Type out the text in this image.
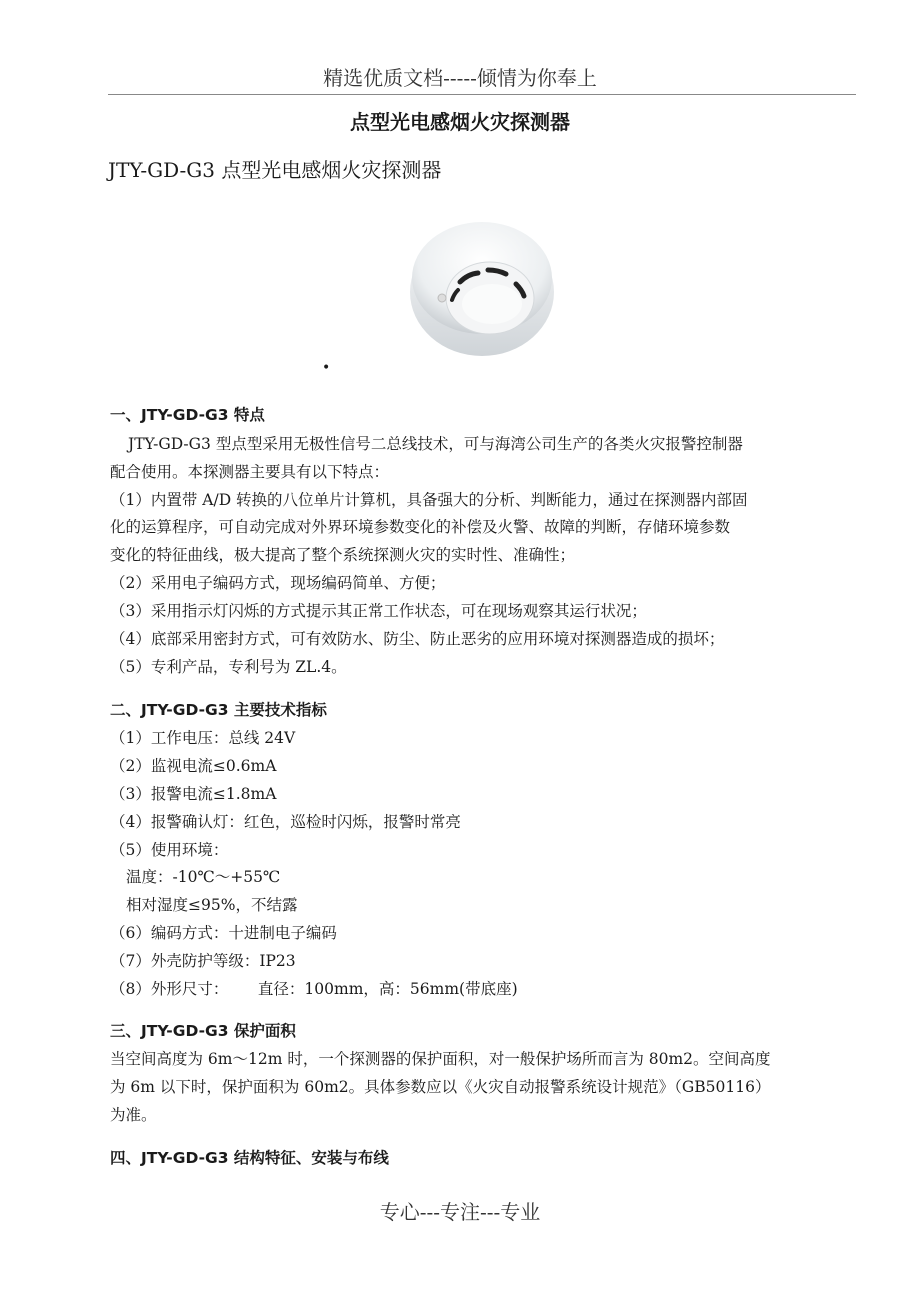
精选优质文档-----倾情为你奉上
点型光电感烟火灾探测器
JTY-GD-G3 点型光电感烟火灾探测器
•
一、JTY-GD-G3 特点
JTY-GD-G3 型点型采用无极性信号二总线技术，可与海湾公司生产的各类火灾报警控制器
配合使用。本探测器主要具有以下特点：
（1）内置带 A/D 转换的八位单片计算机，具备强大的分析、判断能力，通过在探测器内部固
化的运算程序，可自动完成对外界环境参数变化的补偿及火警、故障的判断，存储环境参数
变化的特征曲线，极大提高了整个系统探测火灾的实时性、准确性；
（2）采用电子编码方式，现场编码简单、方便；
（3）采用指示灯闪烁的方式提示其正常工作状态，可在现场观察其运行状况；
（4）底部采用密封方式，可有效防水、防尘、防止恶劣的应用环境对探测器造成的损坏；
（5）专利产品，专利号为 ZL.4。
二、JTY-GD-G3 主要技术指标
（1）工作电压：总线 24V
（2）监视电流≤0.6mA
（3）报警电流≤1.8mA
（4）报警确认灯：红色，巡检时闪烁，报警时常亮
（5）使用环境：
温度：-10℃～+55℃
相对湿度≤95%，不结露
（6）编码方式：十进制电子编码
（7）外壳防护等级：IP23
（8）外形尺寸：      直径：100mm，高：56mm(带底座)
三、JTY-GD-G3 保护面积
当空间高度为 6m～12m 时，一个探测器的保护面积，对一般保护场所而言为 80m2。空间高度
为 6m 以下时，保护面积为 60m2。具体参数应以《火灾自动报警系统设计规范》（GB50116）
为准。
四、JTY-GD-G3 结构特征、安装与布线
专心---专注---专业
